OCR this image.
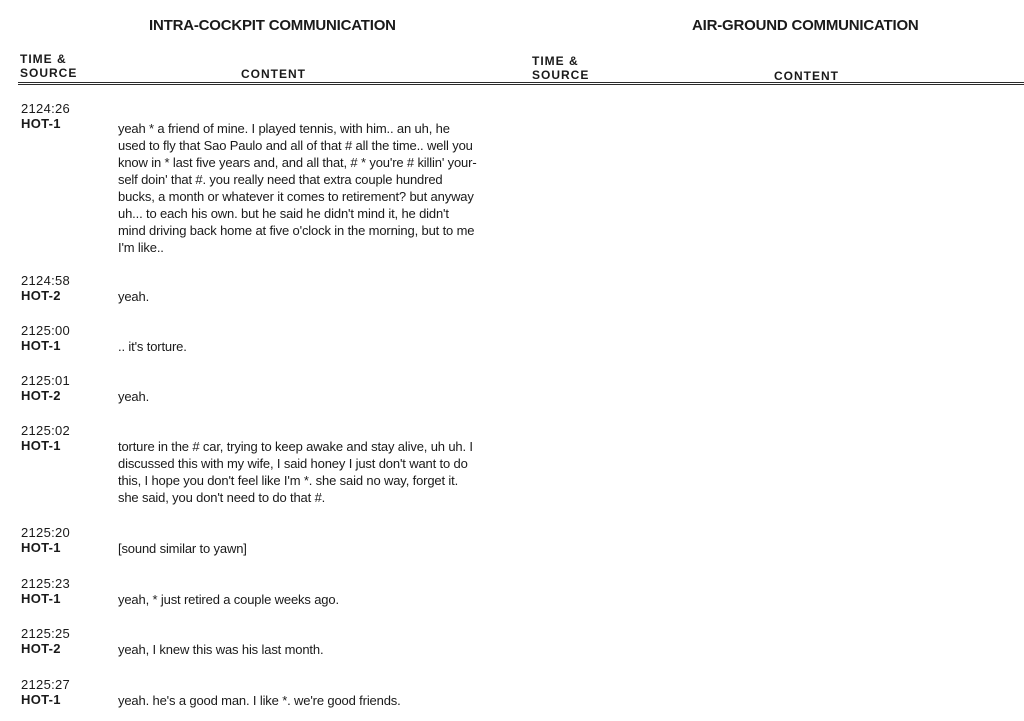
INTRA-COCKPIT COMMUNICATION	AIR-GROUND COMMUNICATION
TIME &
SOURCE	CONTENT
TIME &
SOURCE	CONTENT
2124:26
HOT-1	yeah * a friend of mine. I played tennis, with him.. an uh, he
used to fly that Sao Paulo and all of that # all the time.. well you
know in * last five years and, and all that, # * you're # killin' your-
self doin' that #. you really need that extra couple hundred
bucks, a month or whatever it comes to retirement? but anyway
uh... to each his own. but he said he didn't mind it, he didn't
mind driving back home at five o'clock in the morning, but to me
I'm like..
2124:58
HOT-2	yeah.
2125:00
HOT-1	.. it's torture.
2125:01
HOT-2	yeah.
2125:02
HOT-1	torture in the # car, trying to keep awake and stay alive, uh uh. I
discussed this with my wife, I said honey I just don't want to do
this, I hope you don't feel like I'm *. she said no way, forget it.
she said, you don't need to do that #.
2125:20
HOT-1	[sound similar to yawn]
2125:23
HOT-1	yeah, * just retired a couple weeks ago.
2125:25
HOT-2	yeah, I knew this was his last month.
2125:27
HOT-1	yeah. he's a good man. I like *. we're good friends.
